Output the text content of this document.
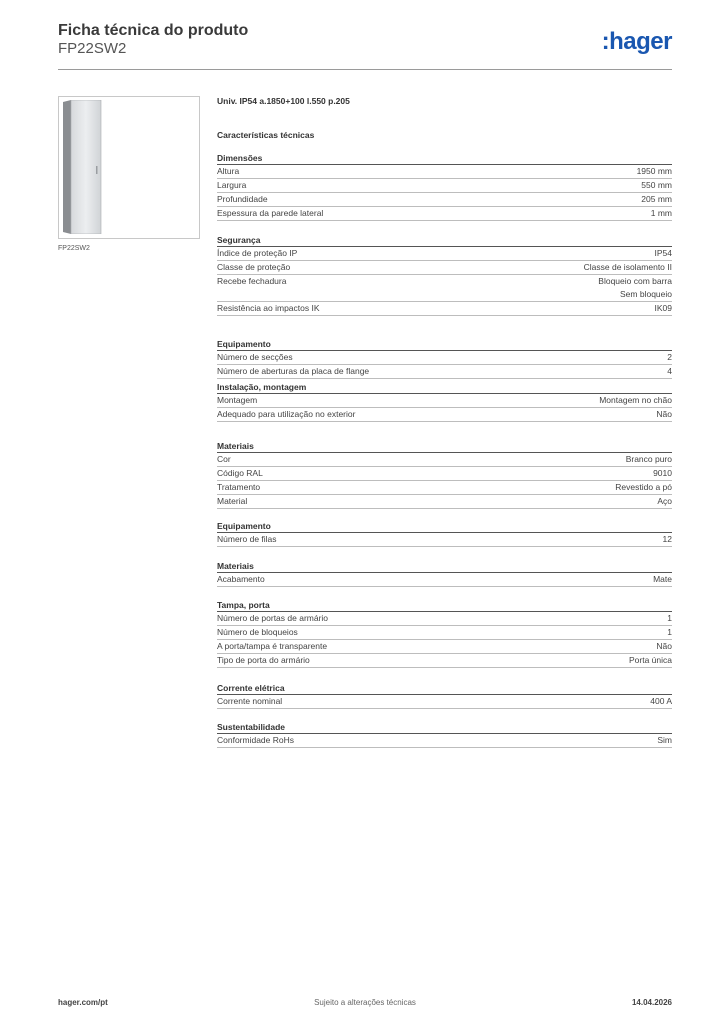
Ficha técnica do produto
FP22SW2	:hager
FP22SW2
Univ. IP54 a.1850+100 l.550 p.205
Características técnicas
Dimensões
Altura	1950 mm
Largura	550 mm
Profundidade	205 mm
Espessura da parede lateral	1 mm
Segurança
Índice de proteção IP	IP54
Classe de proteção	Classe de isolamento II
Recebe fechadura	Bloqueio com barra
Sem bloqueio
Resistência ao impactos IK	IK09
Equipamento
Número de secções	2
Número de aberturas da placa de flange	4
Instalação, montagem
Montagem	Montagem no chão
Adequado para utilização no exterior	Não
Materiais
Cor	Branco puro
Código RAL	9010
Tratamento	Revestido a pó
Material	Aço
Equipamento
Número de filas	12
Materiais
Acabamento	Mate
Tampa, porta
Número de portas de armário	1
Número de bloqueios	1
A porta/tampa é transparente	Não
Tipo de porta do armário	Porta única
Corrente elétrica
Corrente nominal	400 A
Sustentabilidade
Conformidade RoHs	Sim
Sujeito a alterações técnicas
hager.com/pt	14.04.2026
